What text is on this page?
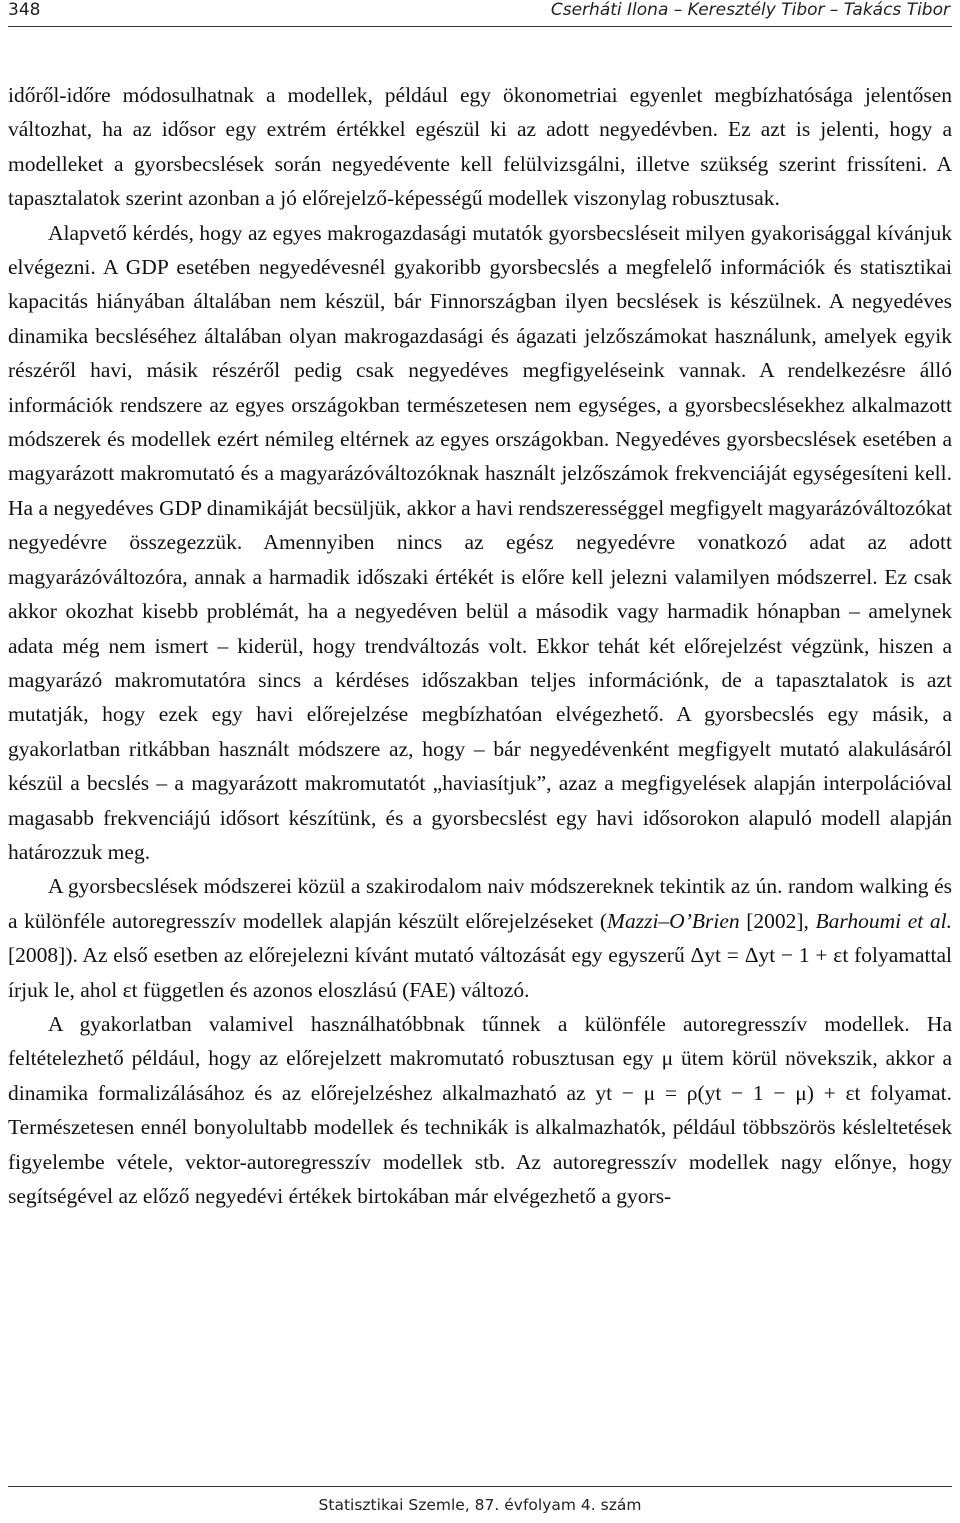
348	Cserháti Ilona – Keresztély Tibor – Takács Tibor

időről-időre módosulhatnak a modellek, például egy ökonometriai egyenlet megbízhatósága jelentősen változhat, ha az idősor egy extrém értékkel egészül ki az adott negyedévben. Ez azt is jelenti, hogy a modelleket a gyorsbecslések során negyedévente kell felülvizsgálni, illetve szükség szerint frissíteni. A tapasztalatok szerint azonban a jó előrejelző-képességű modellek viszonylag robusztusak.

Alapvető kérdés, hogy az egyes makrogazdasági mutatók gyorsbecsléseit milyen gyakorisággal kívánjuk elvégezni. A GDP esetében negyedévesnél gyakoribb gyorsbecslés a megfelelő információk és statisztikai kapacitás hiányában általában nem készül, bár Finnországban ilyen becslések is készülnek. A negyedéves dinamika becsléséhez általában olyan makrogazdasági és ágazati jelzőszámokat használunk, amelyek egyik részéről havi, másik részéről pedig csak negyedéves megfigyeléseink vannak. A rendelkezésre álló információk rendszere az egyes országokban természetesen nem egységes, a gyorsbecslésekhez alkalmazott módszerek és modellek ezért némileg eltérnek az egyes országokban. Negyedéves gyorsbecslések esetében a magyarázott makromutató és a magyarázóváltozóknak használt jelzőszámok frekvenciáját egységesíteni kell. Ha a negyedéves GDP dinamikáját becsüljük, akkor a havi rendszerességgel megfigyelt magyarázóváltozókat negyedévre összegezzük. Amennyiben nincs az egész negyedévre vonatkozó adat az adott magyarázóváltozóra, annak a harmadik időszaki értékét is előre kell jelezni valamilyen módszerrel. Ez csak akkor okozhat kisebb problémát, ha a negyedéven belül a második vagy harmadik hónapban – amelynek adata még nem ismert – kiderül, hogy trendváltozás volt. Ekkor tehát két előrejelzést végzünk, hiszen a magyarázó makromutatóra sincs a kérdéses időszakban teljes információnk, de a tapasztalatok is azt mutatják, hogy ezek egy havi előrejelzése megbízhatóan elvégezhető. A gyorsbecslés egy másik, a gyakorlatban ritkábban használt módszere az, hogy – bár negyedévenként megfigyelt mutató alakulásáról készül a becslés – a magyarázott makromutatót „haviasítjuk”, azaz a megfigyelések alapján interpolációval magasabb frekvenciájú idősort készítünk, és a gyorsbecslést egy havi idősorokon alapuló modell alapján határozzuk meg.

A gyorsbecslések módszerei közül a szakirodalom naiv módszereknek tekintik az ún. random walking és a különféle autoregresszív modellek alapján készült előrejelzéseket (Mazzi–O’Brien [2002], Barhoumi et al. [2008]). Az első esetben az előrejelezni kívánt mutató változását egy egyszerű Δyt = Δyt − 1 + εt folyamattal írjuk le, ahol εt független és azonos eloszlású (FAE) változó.

A gyakorlatban valamivel használhatóbbnak tűnnek a különféle autoregresszív modellek. Ha feltételezhető például, hogy az előrejelzett makromutató robusztusan egy μ ütem körül növekszik, akkor a dinamika formalizálásához és az előrejelzéshez alkalmazható az yt − μ = ρ(yt − 1 − μ) + εt folyamat. Természetesen ennél bonyolultabb modellek és technikák is alkalmazhatók, például többszörös késleltetések figyelembe vétele, vektor-autoregresszív modellek stb. Az autoregresszív modellek nagy előnye, hogy segítségével az előző negyedévi értékek birtokában már elvégezhető a gyors-

Statisztikai Szemle, 87. évfolyam 4. szám
